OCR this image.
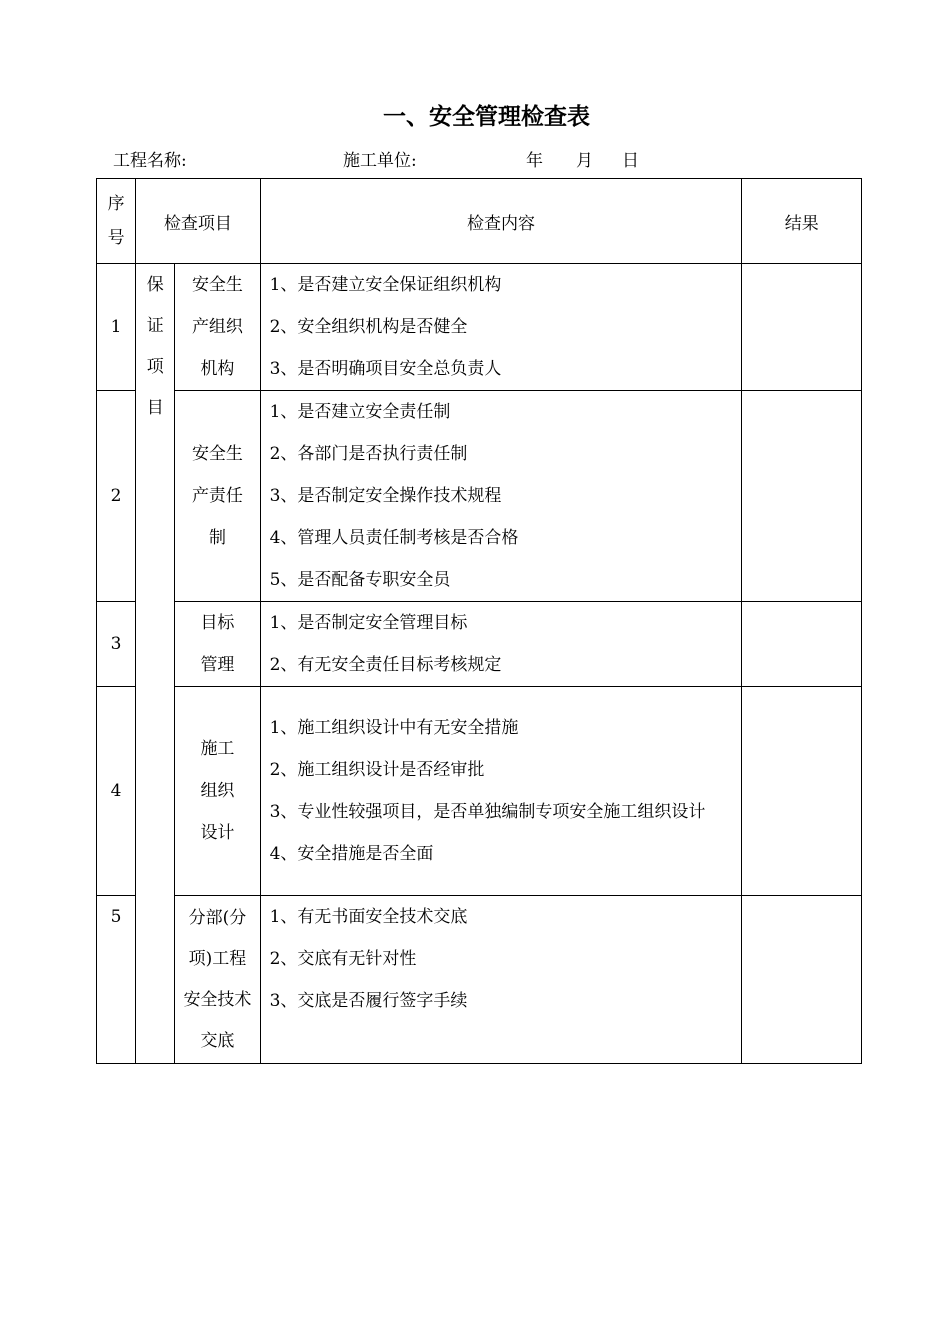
一、安全管理检查表
工程名称:	施工单位:	年 月 日
序号	检查项目		检查内容	结果
1	保证项目	安全生产组织机构	1、是否建立安全保证组织机构
2、安全组织机构是否健全
3、是否明确项目安全总负责人	

2		安全生产责任制	1、是否建立安全责任制
2、各部门是否执行责任制
3、是否制定安全操作技术规程
4、管理人员责任制考核是否合格
5、是否配备专职安全员	

3		目标管理	1、是否制定安全管理目标
2、有无安全责任目标考核规定	

4		施工组织设计	1、施工组织设计中有无安全措施
2、施工组织设计是否经审批
3、专业性较强项目，是否单独编制专项安全施工组织设计
4、安全措施是否全面	

5		分部(分项)工程安全技术交底	1、有无书面安全技术交底
2、交底有无针对性
3、交底是否履行签字手续	
